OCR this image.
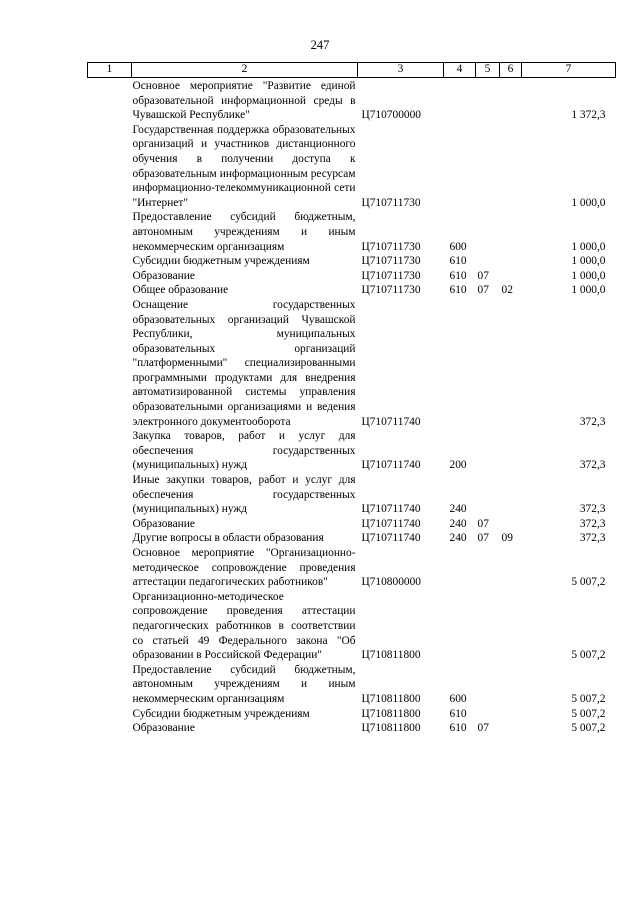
247
1	2	3	4	5	6	7
	Основное мероприятие "Развитие единой образовательной информационной среды в Чувашской Республике"	Ц710700000				1 372,3
	Государственная поддержка образовательных организаций и участников дистанционного обучения в получении доступа к образовательным информационным ресурсам информационно-телекоммуникационной сети "Интернет"	Ц710711730				1 000,0
	Предоставление субсидий бюджетным, автономным учреждениям и иным некоммерческим организациям	Ц710711730	600			1 000,0
	Субсидии бюджетным учреждениям	Ц710711730	610			1 000,0
	Образование	Ц710711730	610	07		1 000,0
	Общее образование	Ц710711730	610	07	02	1 000,0
	Оснащение государственных образовательных организаций Чувашской Республики, муниципальных образовательных организаций "платформенными" специализированными программными продуктами для внедрения автоматизированной системы управления образовательными организациями и ведения электронного документооборота	Ц710711740				372,3
	Закупка товаров, работ и услуг для обеспечения государственных (муниципальных) нужд	Ц710711740	200			372,3
	Иные закупки товаров, работ и услуг для обеспечения государственных (муниципальных) нужд	Ц710711740	240			372,3
	Образование	Ц710711740	240	07		372,3
	Другие вопросы в области образования	Ц710711740	240	07	09	372,3
	Основное мероприятие "Организационно-методическое сопровождение проведения аттестации педагогических работников"	Ц710800000				5 007,2
	Организационно-методическое сопровождение проведения аттестации педагогических работников в соответствии со статьей 49 Федерального закона "Об образовании в Российской Федерации"	Ц710811800				5 007,2
	Предоставление субсидий бюджетным, автономным учреждениям и иным некоммерческим организациям	Ц710811800	600			5 007,2
	Субсидии бюджетным учреждениям	Ц710811800	610			5 007,2
	Образование	Ц710811800	610	07		5 007,2
